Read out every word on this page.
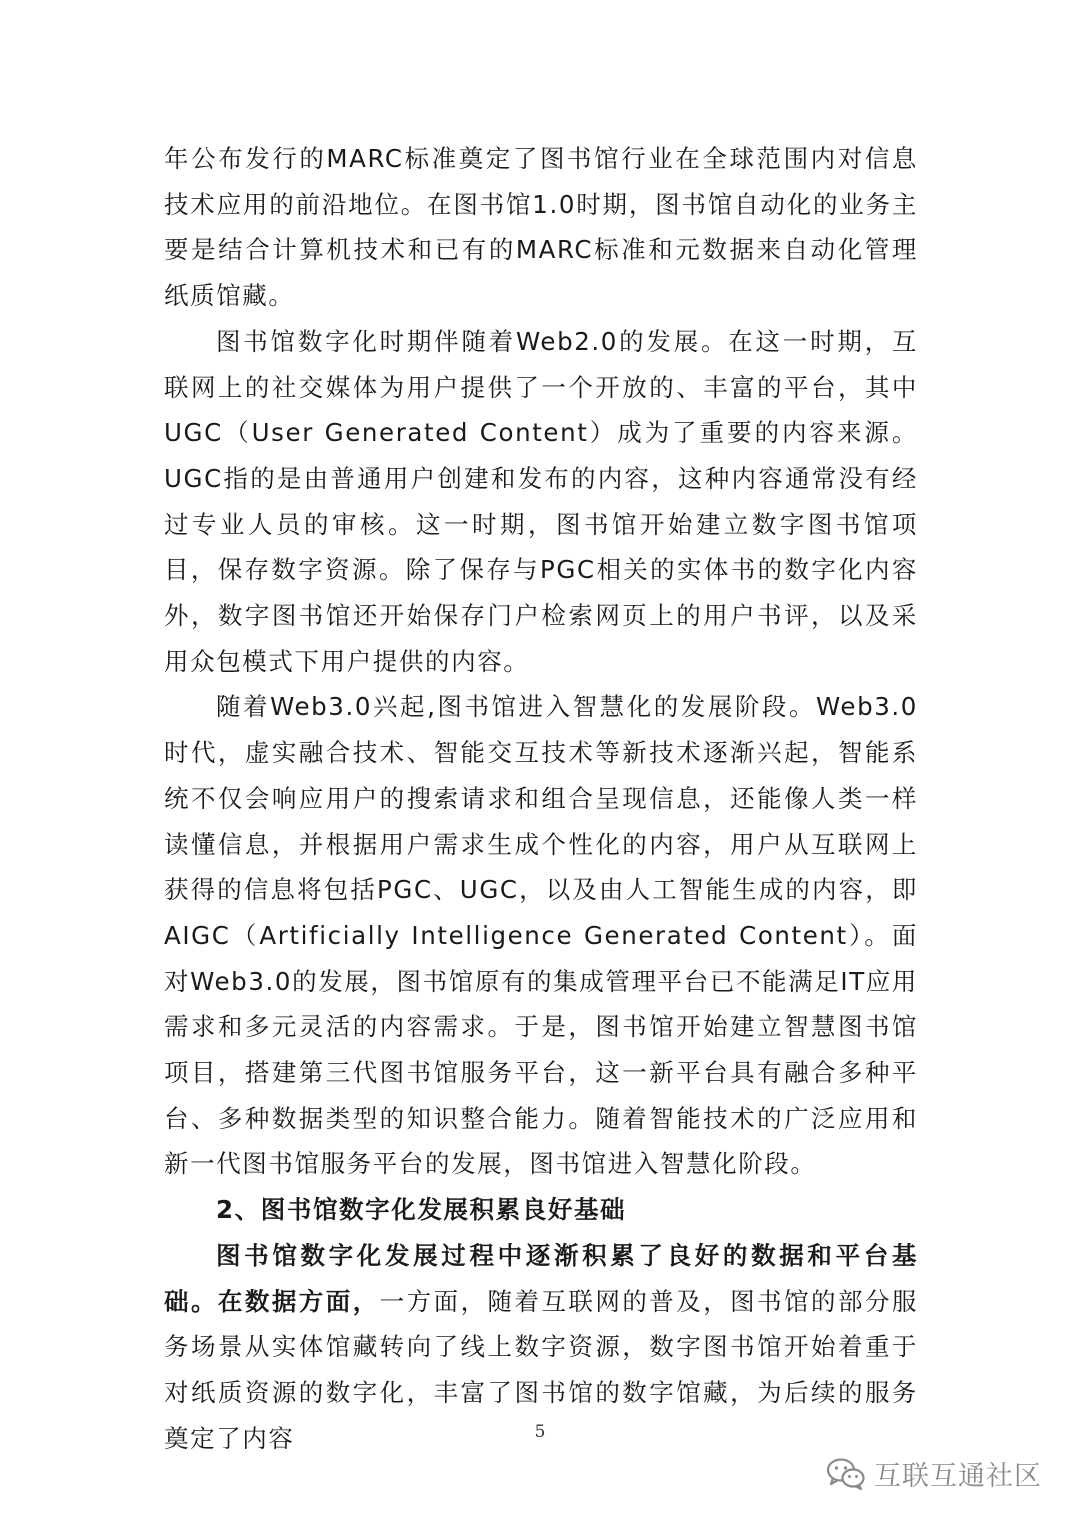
年公布发行的MARC标准奠定了图书馆行业在全球范围内对信息技术应用的前沿地位。在图书馆1.0时期，图书馆自动化的业务主要是结合计算机技术和已有的MARC标准和元数据来自动化管理纸质馆藏。

图书馆数字化时期伴随着Web2.0的发展。在这一时期，互联网上的社交媒体为用户提供了一个开放的、丰富的平台，其中UGC（User Generated Content）成为了重要的内容来源。UGC指的是由普通用户创建和发布的内容，这种内容通常没有经过专业人员的审核。这一时期，图书馆开始建立数字图书馆项目，保存数字资源。除了保存与PGC相关的实体书的数字化内容外，数字图书馆还开始保存门户检索网页上的用户书评，以及采用众包模式下用户提供的内容。

随着Web3.0兴起,图书馆进入智慧化的发展阶段。Web3.0时代，虚实融合技术、智能交互技术等新技术逐渐兴起，智能系统不仅会响应用户的搜索请求和组合呈现信息，还能像人类一样读懂信息，并根据用户需求生成个性化的内容，用户从互联网上获得的信息将包括PGC、UGC，以及由人工智能生成的内容，即AIGC（Artificially Intelligence Generated Content）。面对Web3.0的发展，图书馆原有的集成管理平台已不能满足IT应用需求和多元灵活的内容需求。于是，图书馆开始建立智慧图书馆项目，搭建第三代图书馆服务平台，这一新平台具有融合多种平台、多种数据类型的知识整合能力。随着智能技术的广泛应用和新一代图书馆服务平台的发展，图书馆进入智慧化阶段。

2、图书馆数字化发展积累良好基础

图书馆数字化发展过程中逐渐积累了良好的数据和平台基础。在数据方面，一方面，随着互联网的普及，图书馆的部分服务场景从实体馆藏转向了线上数字资源，数字图书馆开始着重于对纸质资源的数字化，丰富了图书馆的数字馆藏，为后续的服务奠定了内容	5
互联互通社区
